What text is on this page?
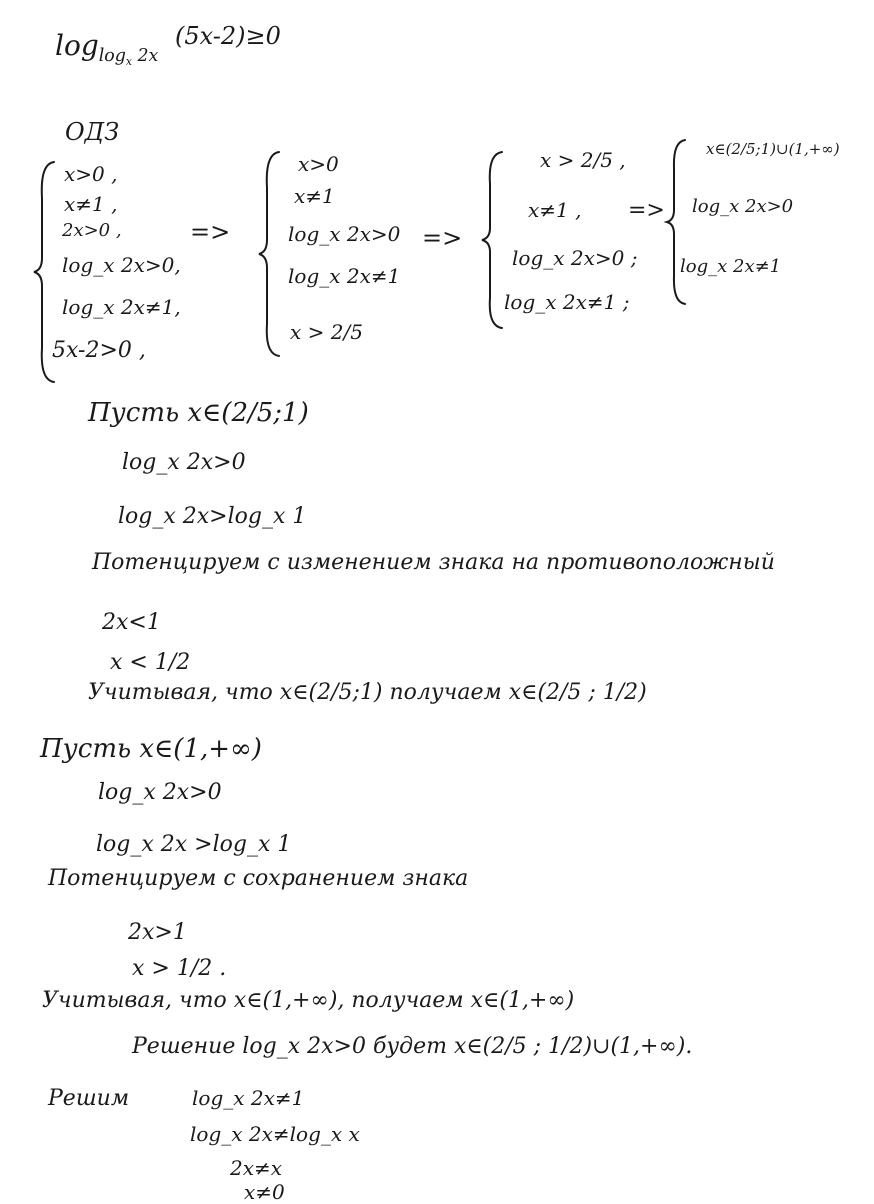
$\log_{log_x 2x}$
(5x-2)≥0
ОДЗ
x>0 ,
x≠1 ,
2x>0 ,
log_x 2x>0,
log_x 2x≠1,
5x-2>0 ,
=>
x>0
x≠1
log_x 2x>0
log_x 2x≠1
x > 2/5
=>
x > 2/5 ,
x≠1 ,
log_x 2x>0 ;
log_x 2x≠1 ;
=>
x∈(2/5;1)∪(1,+∞)
log_x 2x>0
log_x 2x≠1
Пусть x∈(2/5;1)
log_x 2x>0
log_x 2x>log_x 1
Потенцируем с изменением знака на противоположный
2x<1
x < 1/2
Учитывая, что x∈(2/5;1) получаем x∈(2/5 ; 1/2)
Пусть x∈(1,+∞)
log_x 2x>0
log_x 2x >log_x 1
Потенцируем с сохранением знака
2x>1
x > 1/2 .
Учитывая, что x∈(1,+∞), получаем x∈(1,+∞)
Решение log_x 2x>0 будет x∈(2/5 ; 1/2)∪(1,+∞).
Решим	log_x 2x≠1
log_x 2x≠log_x x
2x≠x
x≠0
